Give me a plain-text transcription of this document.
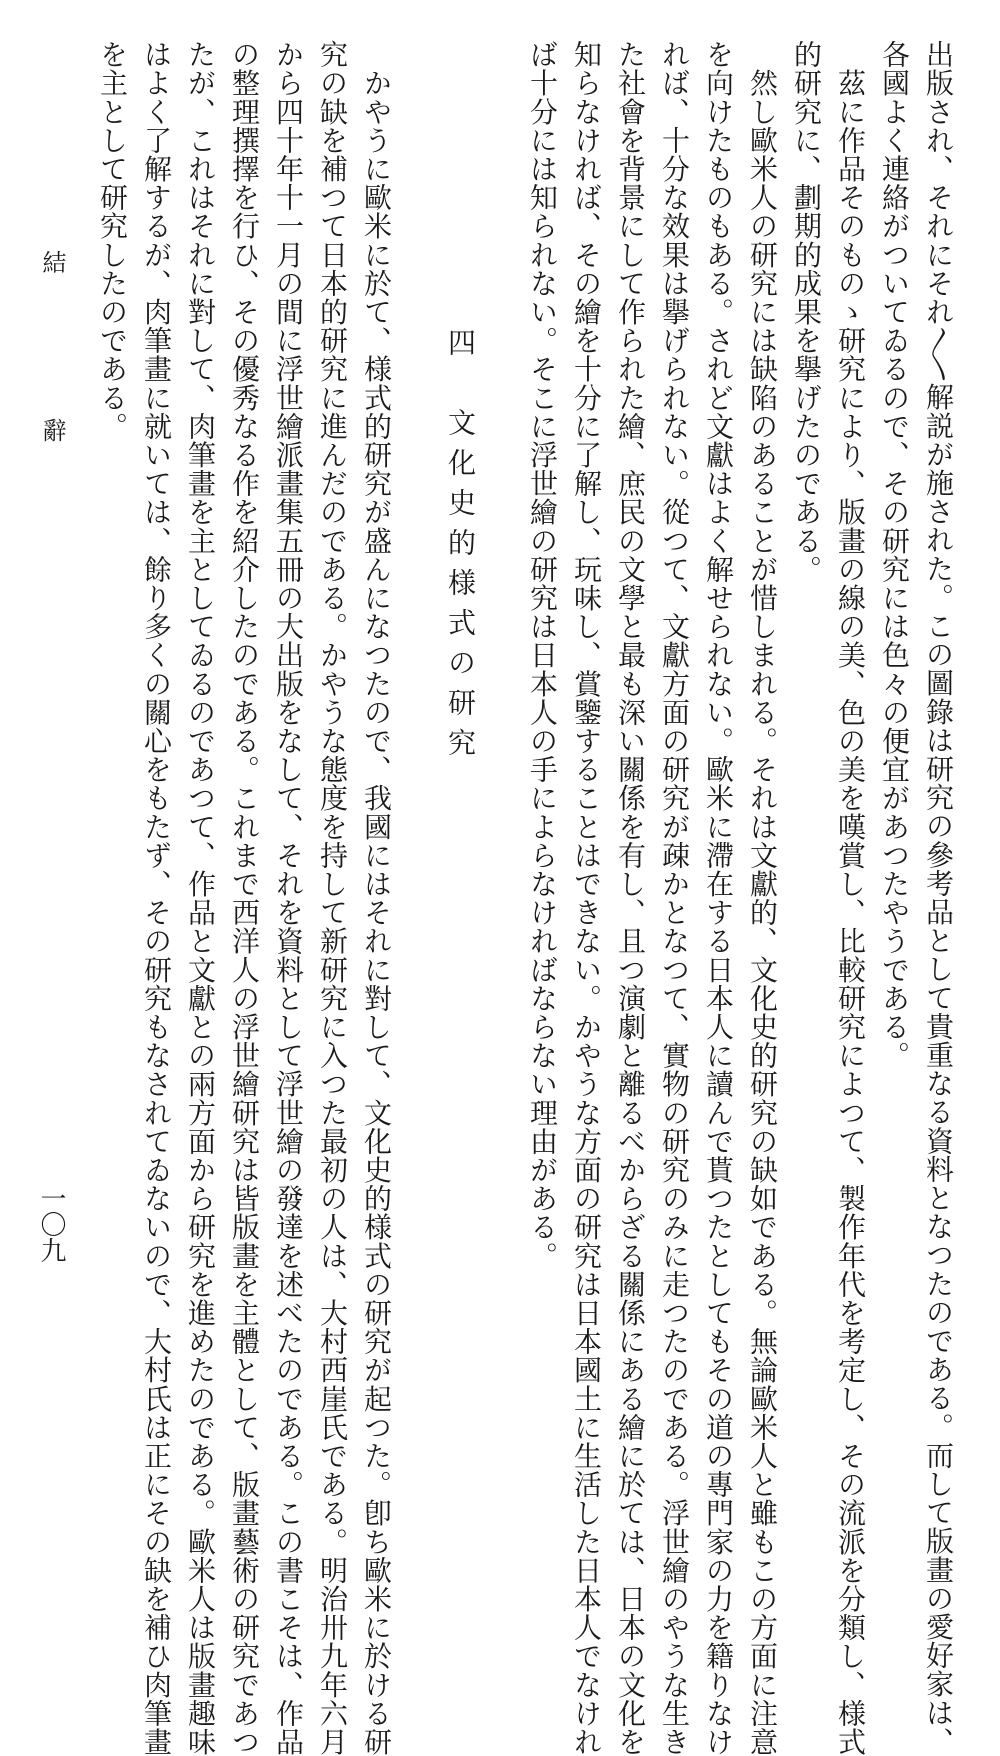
出版され、それにそれ〳〵解説が施された。この圖錄は研究の參考品として貴重なる資料となつたのである。而して版畫の愛好家は、
各國よく連絡がついてゐるので、その研究には色々の便宜があつたやうである。
　茲に作品そのものゝ研究により、版畫の線の美、色の美を嘆賞し、比較研究によつて、製作年代を考定し、その流派を分類し、様式
的研究に、劃期的成果を擧げたのである。
　然し歐米人の研究には缺陷のあることが惜しまれる。それは文獻的、文化史的研究の缺如である。無論歐米人と雖もこの方面に注意
を向けたものもある。されど文獻はよく解せられない。歐米に滯在する日本人に讀んで貰つたとしてもその道の專門家の力を籍りなけ
れば、十分な效果は擧げられない。從つて、文獻方面の研究が疎かとなつて、實物の研究のみに走つたのである。浮世繪のやうな生き
た社會を背景にして作られた繪、庶民の文學と最も深い關係を有し、且つ演劇と離るべからざる關係にある繪に於ては、日本の文化を
知らなければ、その繪を十分に了解し、玩味し、賞鑒することはできない。かやうな方面の研究は日本國土に生活した日本人でなけれ
ば十分には知られない。そこに浮世繪の研究は日本人の手によらなければならない理由がある。
四　文化史的様式の研究
　かやうに歐米に於て、様式的研究が盛んになつたので、我國にはそれに對して、文化史的様式の研究が起つた。卽ち歐米に於ける研
究の缺を補つて日本的研究に進んだのである。かやうな態度を持して新研究に入つた最初の人は、大村西崖氏である。明治卅九年六月
から四十年十一月の間に浮世繪派畫集五冊の大出版をなして、それを資料として浮世繪の發達を述べたのである。この書こそは、作品
の整理撰擇を行ひ、その優秀なる作を紹介したのである。これまで西洋人の浮世繪研究は皆版畫を主體として、版畫藝術の研究であつ
たが、これはそれに對して、肉筆畫を主としてゐるのであつて、作品と文獻との兩方面から研究を進めたのである。歐米人は版畫趣味
はよく了解するが、肉筆畫に就いては、餘り多くの關心をもたず、その研究もなされてゐないので、大村氏は正にその缺を補ひ肉筆畫
を主として研究したのである。
結　辭
一〇九
